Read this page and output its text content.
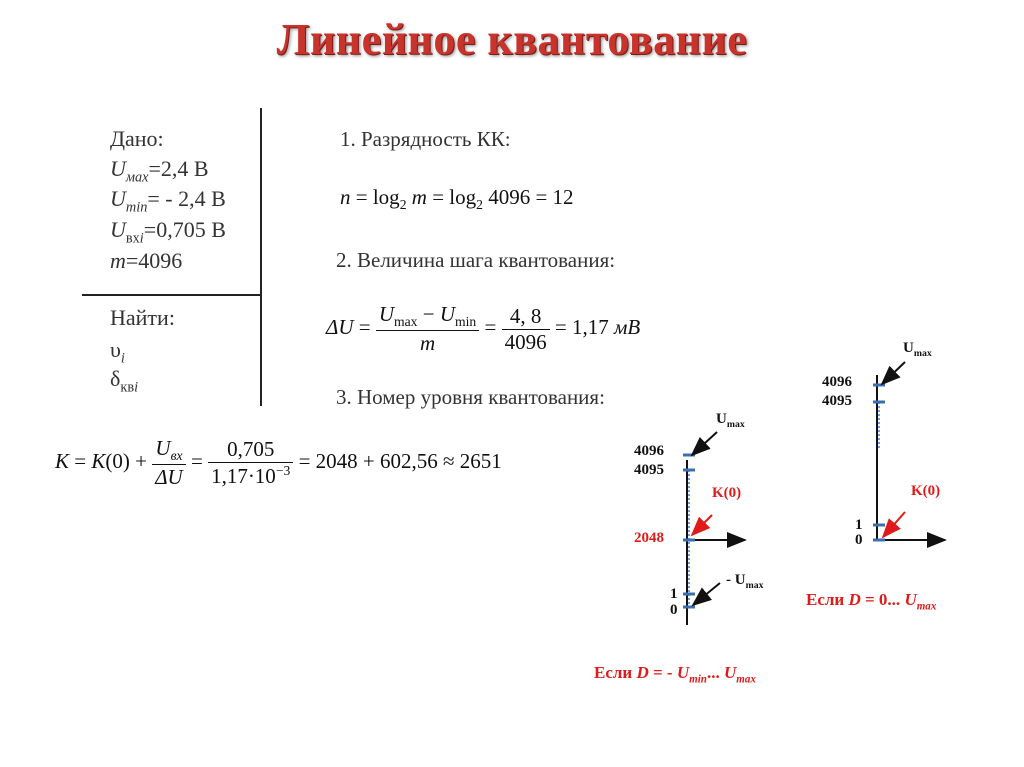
Линейное квантование
Дано:
$U_{мах}=2,4$ В
$U_{min}= - 2,4$ В
$U_{вхi}=0,705$ В
m=4096
Найти:
$\upsilon_i$
$\delta_{квi}$
1. Разрядность КК:
2. Величина шага квантования:
3. Номер уровня квантования:
$n = \log_2 m = \log_2 4096 = 12$
$\Delta U = \frac{U_{max} - U_{min}}{m} = \frac{4, 8}{4096} = 1,17$ мВ
$K = K(0) + \frac{U_{вх}}{\Delta U} = \frac{0,705}{1,17\cdot 10^{-3}} = 2048 + 602,56 \approx 2651$
$U_{max}$
4096
4095
K(0)
2048
- $U_{max}$
1
0
Если D = - $U_{min}$... $U_{max}$
$U_{max}$
4096
4095
K(0)
1
0
Если D = 0... $U_{max}$
